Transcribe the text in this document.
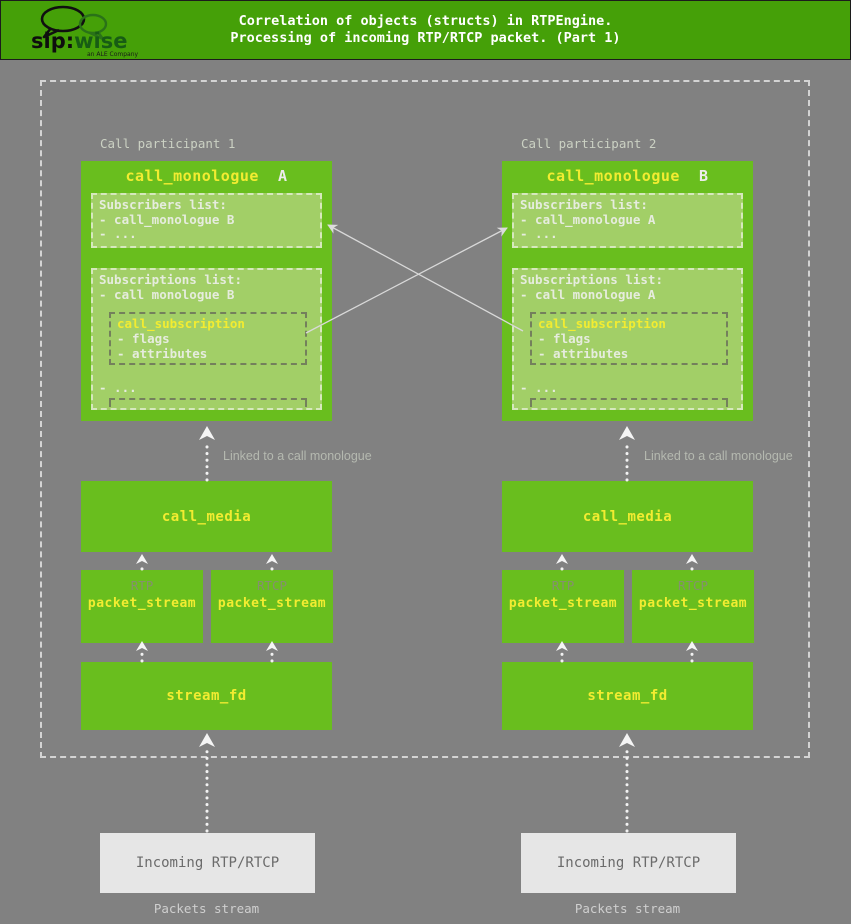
sip:wise
an ALE Company
Correlation of objects (structs) in RTPEngine.
Processing of incoming RTP/RTCP packet. (Part 1)
Call participant 1
call_monologue A
Subscribers list:
- call_monologue B
- ...
Subscriptions list:
- call monologue B
call_subscription
- flags
- attributes
- ...
Linked to a call monologue
call_media
RTP
packet_stream
RTCP
packet_stream
stream_fd
Incoming RTP/RTCP
Packets stream
Call participant 2
call_monologue B
Subscribers list:
- call_monologue A
- ...
Subscriptions list:
- call monologue A
call_subscription
- flags
- attributes
- ...
Linked to a call monologue
call_media
RTP
packet_stream
RTCP
packet_stream
stream_fd
Incoming RTP/RTCP
Packets stream
